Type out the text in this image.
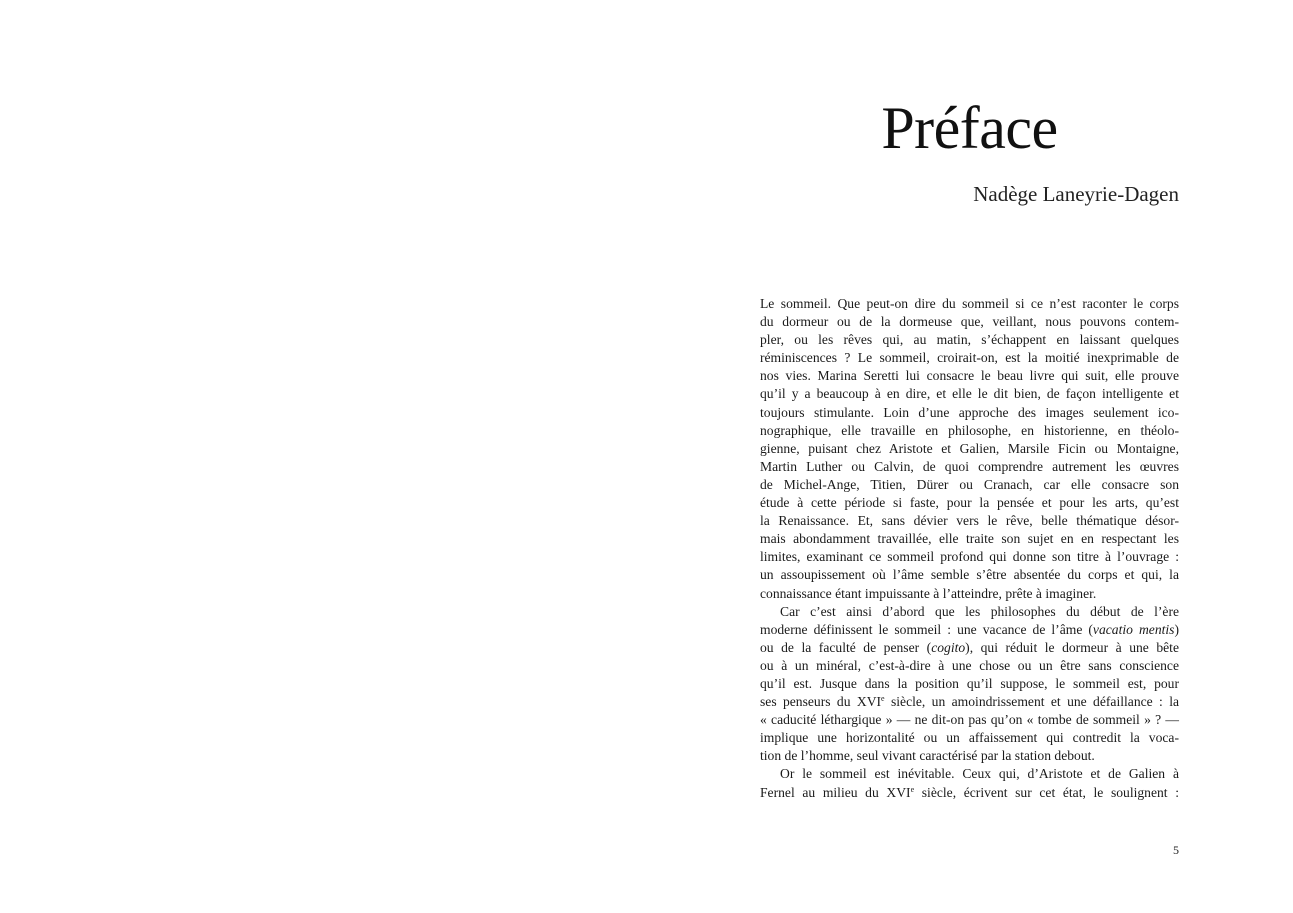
Préface
Nadège Laneyrie-Dagen
Le sommeil. Que peut-on dire du sommeil si ce n’est raconter le corps
du dormeur ou de la dormeuse que, veillant, nous pouvons contem-
pler, ou les rêves qui, au matin, s’échappent en laissant quelques
réminiscences ? Le sommeil, croirait-on, est la moitié inexprimable de
nos vies. Marina Seretti lui consacre le beau livre qui suit, elle prouve
qu’il y a beaucoup à en dire, et elle le dit bien, de façon intelligente et
toujours stimulante. Loin d’une approche des images seulement ico-
nographique, elle travaille en philosophe, en historienne, en théolo-
gienne, puisant chez Aristote et Galien, Marsile Ficin ou Montaigne,
Martin Luther ou Calvin, de quoi comprendre autrement les œuvres
de Michel-Ange, Titien, Dürer ou Cranach, car elle consacre son
étude à cette période si faste, pour la pensée et pour les arts, qu’est
la Renaissance. Et, sans dévier vers le rêve, belle thématique désor-
mais abondamment travaillée, elle traite son sujet en en respectant les
limites, examinant ce sommeil profond qui donne son titre à l’ouvrage :
un assoupissement où l’âme semble s’être absentée du corps et qui, la
connaissance étant impuissante à l’atteindre, prête à imaginer.
Car c’est ainsi d’abord que les philosophes du début de l’ère
moderne définissent le sommeil : une vacance de l’âme (vacatio mentis)
ou de la faculté de penser (cogito), qui réduit le dormeur à une bête
ou à un minéral, c’est-à-dire à une chose ou un être sans conscience
qu’il est. Jusque dans la position qu’il suppose, le sommeil est, pour
ses penseurs du XVIe siècle, un amoindrissement et une défaillance : la
« caducité léthargique » — ne dit-on pas qu’on « tombe de sommeil » ? —
implique une horizontalité ou un affaissement qui contredit la voca-
tion de l’homme, seul vivant caractérisé par la station debout.
Or le sommeil est inévitable. Ceux qui, d’Aristote et de Galien à
Fernel au milieu du XVIe siècle, écrivent sur cet état, le soulignent :
5
